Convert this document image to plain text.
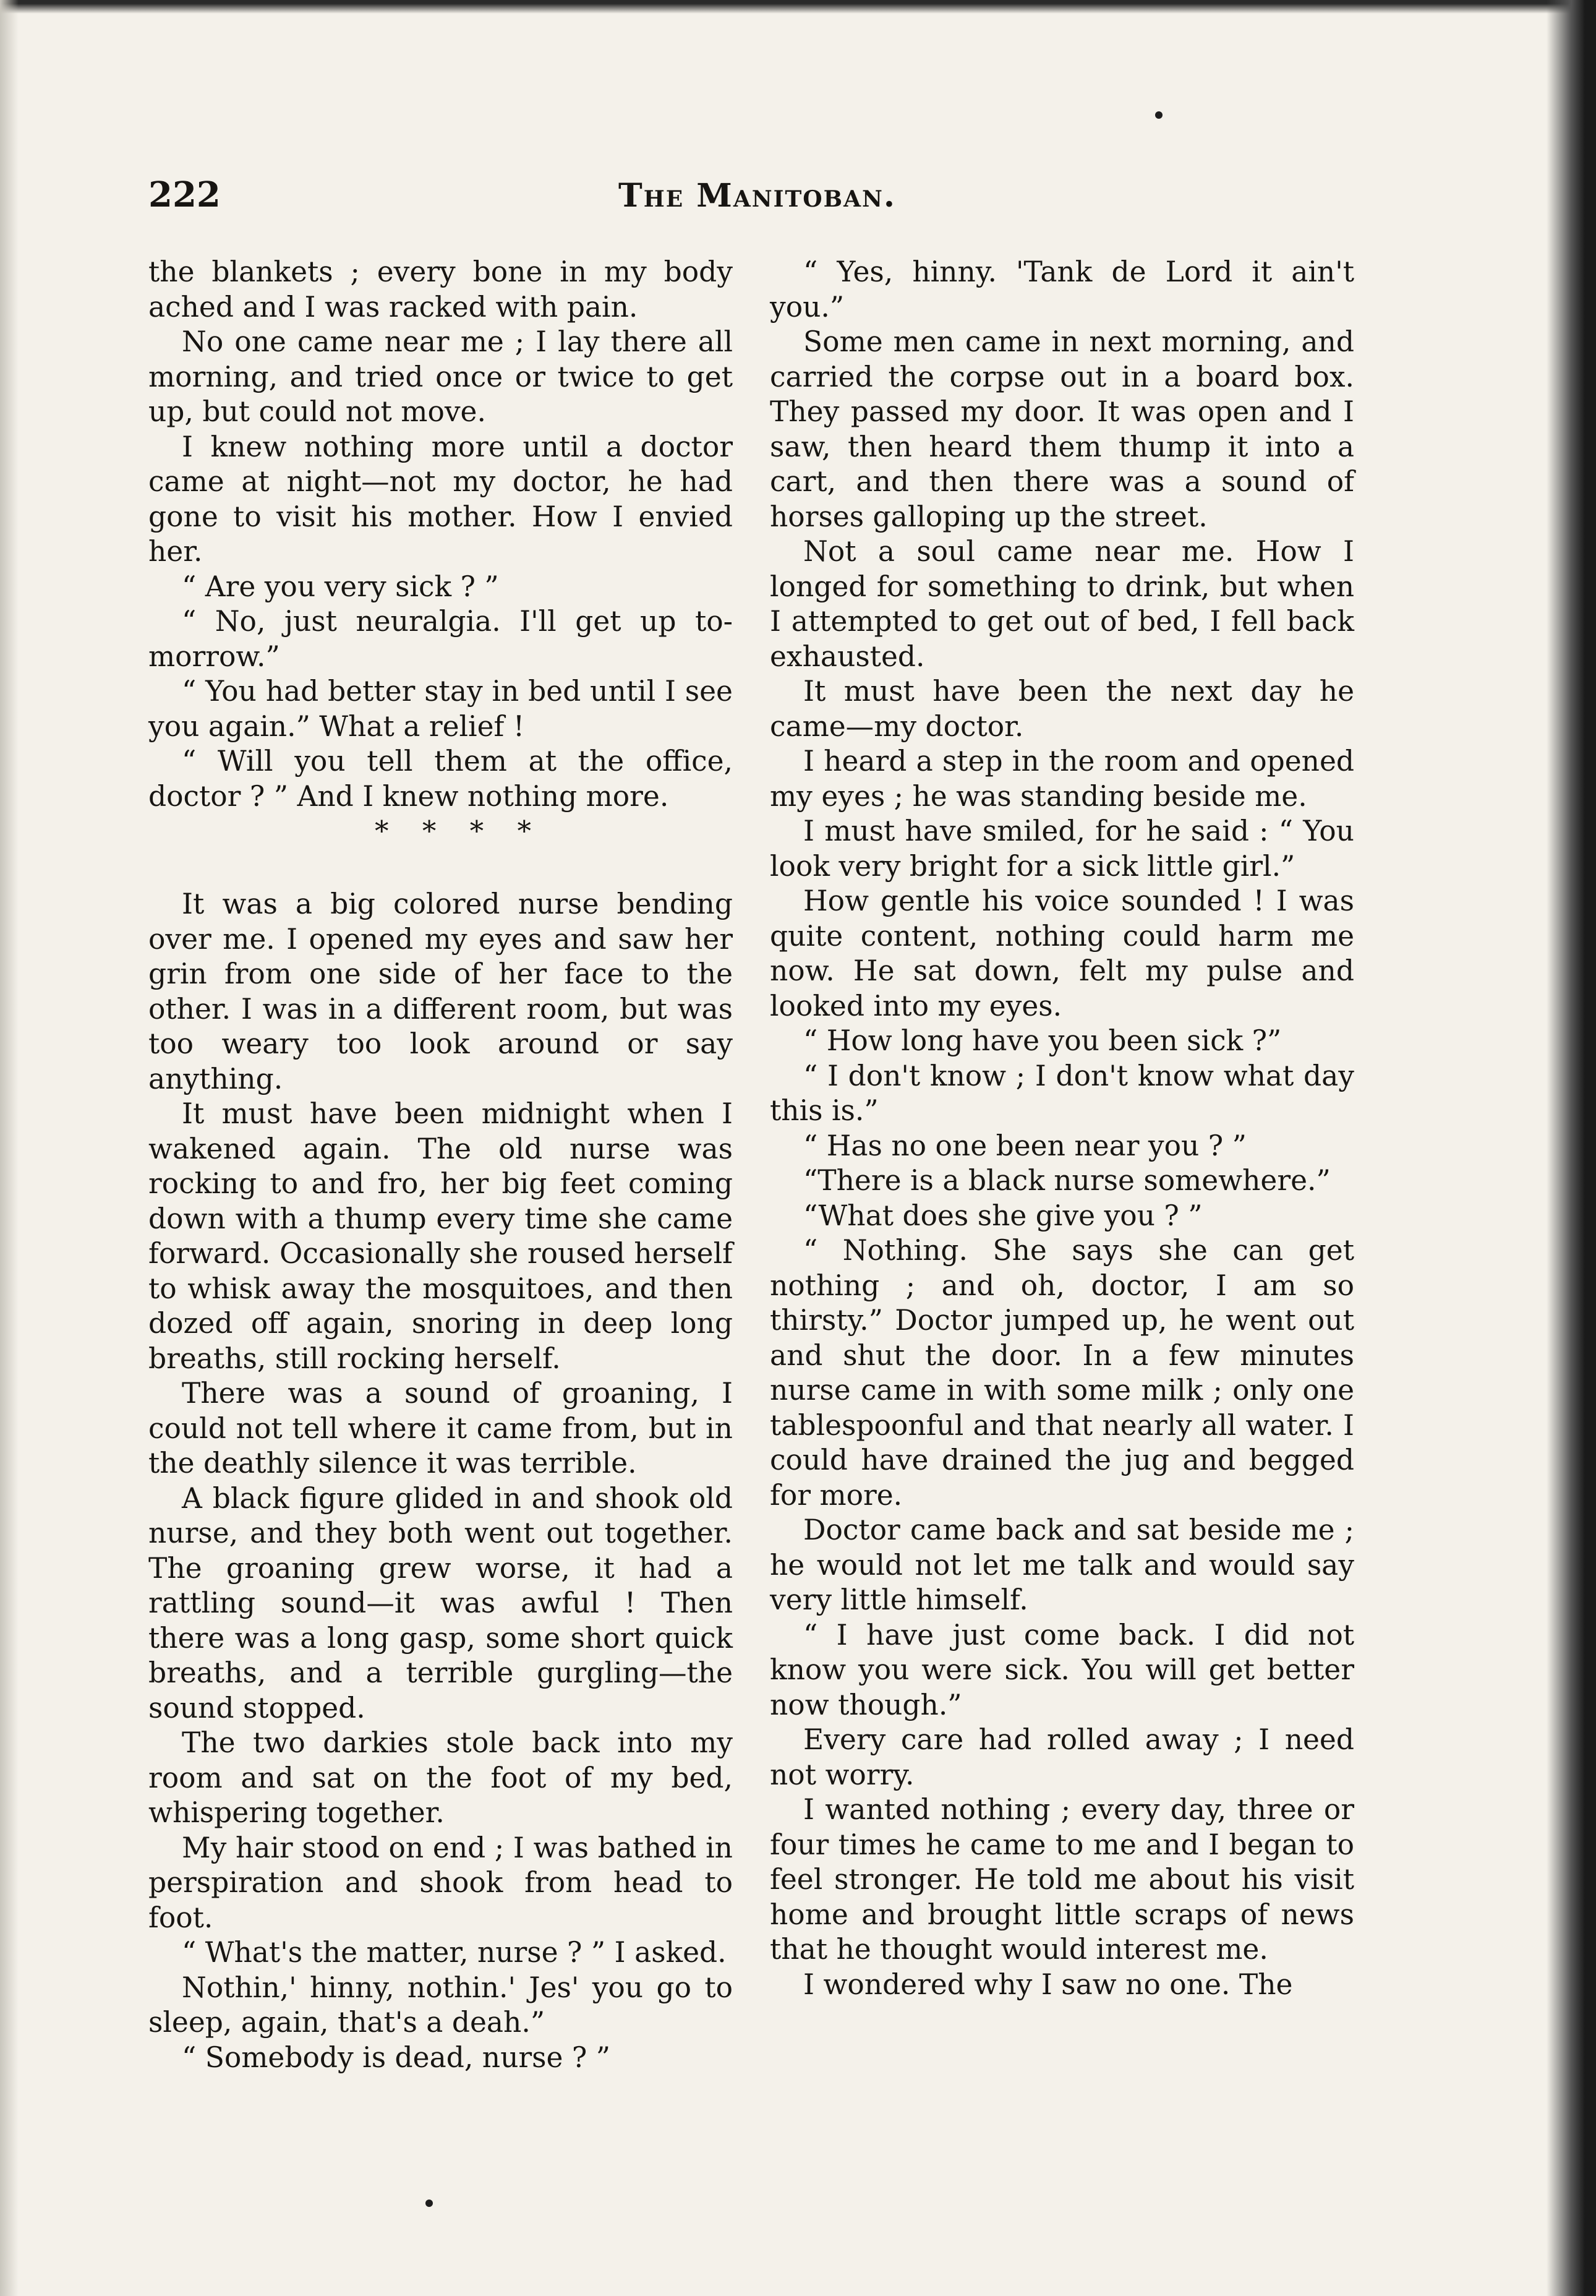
222	The Manitoban.

the blankets ; every bone in my body ached and I was racked with pain.

No one came near me ; I lay there all morning, and tried once or twice to get up, but could not move.

I knew nothing more until a doctor came at night—not my doctor, he had gone to visit his mother. How I envied her.

“ Are you very sick ? ”

“ No, just neuralgia. I'll get up to-morrow.”

“ You had better stay in bed until I see you again.” What a relief !

“ Will you tell them at the office, doctor ? ” And I knew nothing more.

* * * *

It was a big colored nurse bending over me. I opened my eyes and saw her grin from one side of her face to the other. I was in a different room, but was too weary too look around or say anything.

It must have been midnight when I wakened again. The old nurse was rocking to and fro, her big feet coming down with a thump every time she came forward. Occasionally she roused herself to whisk away the mosquitoes, and then dozed off again, snoring in deep long breaths, still rocking herself.

There was a sound of groaning, I could not tell where it came from, but in the deathly silence it was terrible.

A black figure glided in and shook old nurse, and they both went out together. The groaning grew worse, it had a rattling sound—it was awful ! Then there was a long gasp, some short quick breaths, and a terrible gurgling—the sound stopped.

The two darkies stole back into my room and sat on the foot of my bed, whispering together.

My hair stood on end ; I was bathed in perspiration and shook from head to foot.

“ What's the matter, nurse ? ” I asked.

Nothin,' hinny, nothin.' Jes' you go to sleep, again, that's a deah.”

“ Somebody is dead, nurse ? ”

“ Yes, hinny. 'Tank de Lord it ain't you.”

Some men came in next morning, and carried the corpse out in a board box. They passed my door. It was open and I saw, then heard them thump it into a cart, and then there was a sound of horses galloping up the street.

Not a soul came near me. How I longed for something to drink, but when I attempted to get out of bed, I fell back exhausted.

It must have been the next day he came—my doctor.

I heard a step in the room and opened my eyes ; he was standing beside me.

I must have smiled, for he said : “ You look very bright for a sick little girl.”

How gentle his voice sounded ! I was quite content, nothing could harm me now. He sat down, felt my pulse and looked into my eyes.

“ How long have you been sick ?”

“ I don't know ; I don't know what day this is.”

“ Has no one been near you ? ”

“There is a black nurse somewhere.”

“What does she give you ? ”

“ Nothing. She says she can get nothing ; and oh, doctor, I am so thirsty.” Doctor jumped up, he went out and shut the door. In a few minutes nurse came in with some milk ; only one tablespoonful and that nearly all water. I could have drained the jug and begged for more.

Doctor came back and sat beside me ; he would not let me talk and would say very little himself.

“ I have just come back. I did not know you were sick. You will get better now though.”

Every care had rolled away ; I need not worry.

I wanted nothing ; every day, three or four times he came to me and I began to feel stronger. He told me about his visit home and brought little scraps of news that he thought would interest me.

I wondered why I saw no one. The
